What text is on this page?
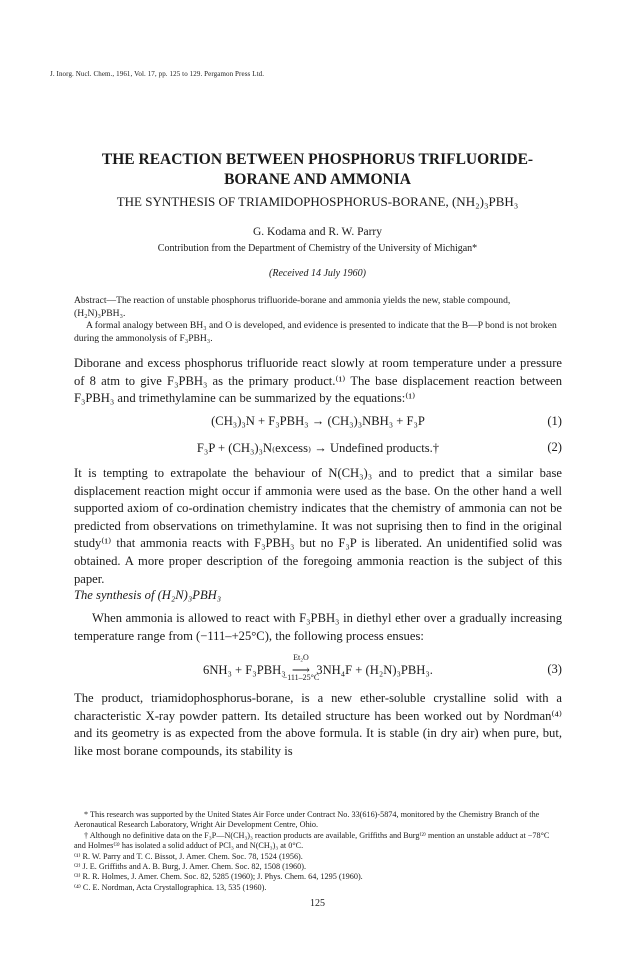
J. Inorg. Nucl. Chem., 1961, Vol. 17, pp. 125 to 129. Pergamon Press Ltd.
THE REACTION BETWEEN PHOSPHORUS TRIFLUORIDE-
BORANE AND AMMONIA
THE SYNTHESIS OF TRIAMIDOPHOSPHORUS-BORANE, (NH₂)₃PBH₃
G. Kodama and R. W. Parry
Contribution from the Department of Chemistry of the University of Michigan*
(Received 14 July 1960)

Abstract—The reaction of unstable phosphorus trifluoride-borane and ammonia yields the new, stable compound, (H₂N)₃PBH₃.

A formal analogy between BH₃ and O is developed, and evidence is presented to indicate that the B—P bond is not broken during the ammonolysis of F₃PBH₃.

Diborane and excess phosphorus trifluoride react slowly at room temperature under a pressure of 8 atm to give F₃PBH₃ as the primary product.⁽¹⁾ The base displacement reaction between F₃PBH₃ and trimethylamine can be summarized by the equations:⁽¹⁾

(CH₃)₃N + F₃PBH₃ → (CH₃)₃NBH₃ + F₃P	(1)
F₃P + (CH₃)₃N₍excess₎ → Undefined products.†	(2)

It is tempting to extrapolate the behaviour of N(CH₃)₃ and to predict that a similar base displacement reaction might occur if ammonia were used as the base. On the other hand a well supported axiom of co-ordination chemistry indicates that the chemistry of ammonia can not be predicted from observations on trimethylamine. It was not suprising then to find in the original study⁽¹⁾ that ammonia reacts with F₃PBH₃ but no F₃P is liberated. An unidentified solid was obtained. A more proper description of the foregoing ammonia reaction is the subject of this paper.

The synthesis of (H₂N)₃PBH₃

When ammonia is allowed to react with F₃PBH₃ in diethyl ether over a gradually increasing temperature range from (−111–+25°C), the following process ensues:

6NH₃ + F₃PBH₃
Et₂O
⟶
−111–25°C
3NH₄F + (H₂N)₃PBH₃.	(3)

The product, triamidophosphorus-borane, is a new ether-soluble crystalline solid with a characteristic X-ray powder pattern. Its detailed structure has been worked out by Nordman⁽⁴⁾ and its geometry is as expected from the above formula. It is stable (in dry air) when pure, but, like most borane compounds, its stability is

* This research was supported by the United States Air Force under Contract No. 33(616)-5874, monitored by the Chemistry Branch of the Aeronautical Research Laboratory, Wright Air Development Centre, Ohio.

† Although no definitive data on the F₃P—N(CH₃)₃ reaction products are available, Griffiths and Burg⁽²⁾ mention an unstable adduct at −78°C and Holmes⁽³⁾ has isolated a solid adduct of PCl₃ and N(CH₃)₃ at 0°C.

⁽¹⁾ R. W. Parry and T. C. Bissot, J. Amer. Chem. Soc. 78, 1524 (1956).

⁽²⁾ J. E. Griffiths and A. B. Burg, J. Amer. Chem. Soc. 82, 1508 (1960).

⁽³⁾ R. R. Holmes, J. Amer. Chem. Soc. 82, 5285 (1960); J. Phys. Chem. 64, 1295 (1960).

⁽⁴⁾ C. E. Nordman, Acta Crystallographica. 13, 535 (1960).

125
